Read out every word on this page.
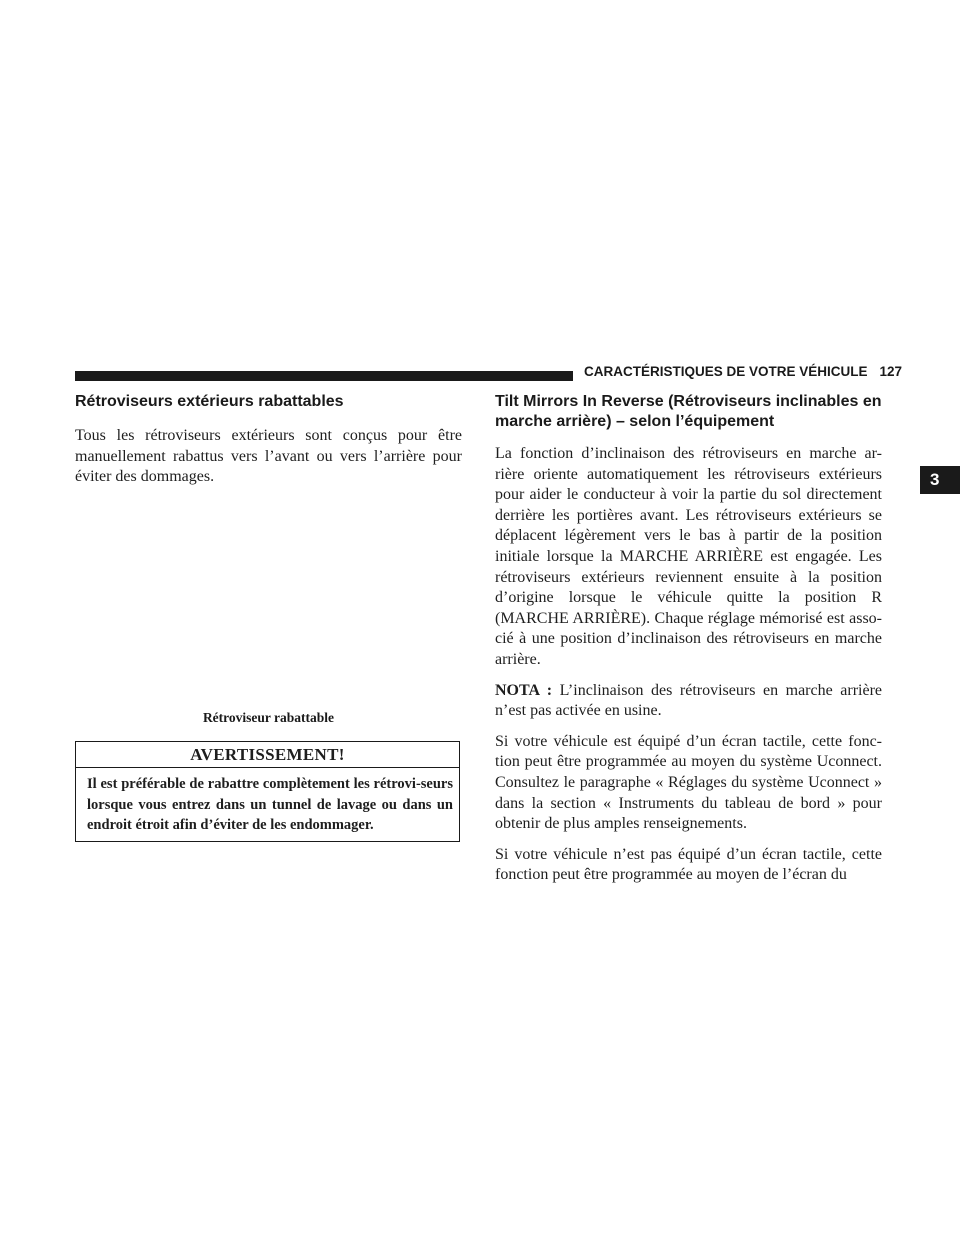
CARACTÉRISTIQUES DE VOTRE VÉHICULE 127
3
Rétroviseurs extérieurs rabattables

Tous les rétroviseurs extérieurs sont conçus pour être manuellement rabattus vers l’avant ou vers l’arrière pour éviter des dommages.

Rétroviseur rabattable
AVERTISSEMENT!
Il est préférable de rabattre complètement les rétrovi-seurs lorsque vous entrez dans un tunnel de lavage ou dans un endroit étroit afin d’éviter de les endommager.
Tilt Mirrors In Reverse (Rétroviseurs inclinables en marche arrière) – selon l’équipement

La fonction d’inclinaison des rétroviseurs en marche ar-rière oriente automatiquement les rétroviseurs extérieurs pour aider le conducteur à voir la partie du sol directement derrière les portières avant. Les rétroviseurs extérieurs se déplacent légèrement vers le bas à partir de la position initiale lorsque la MARCHE ARRIÈRE est engagée. Les rétroviseurs extérieurs reviennent ensuite à la position d’origine lorsque le véhicule quitte la position R (MARCHE ARRIÈRE). Chaque réglage mémorisé est asso-cié à une position d’inclinaison des rétroviseurs en marche arrière.

NOTA : L’inclinaison des rétroviseurs en marche arrière n’est pas activée en usine.

Si votre véhicule est équipé d’un écran tactile, cette fonc-tion peut être programmée au moyen du système Uconnect. Consultez le paragraphe « Réglages du système Uconnect » dans la section « Instruments du tableau de bord » pour obtenir de plus amples renseignements.

Si votre véhicule n’est pas équipé d’un écran tactile, cette fonction peut être programmée au moyen de l’écran du
